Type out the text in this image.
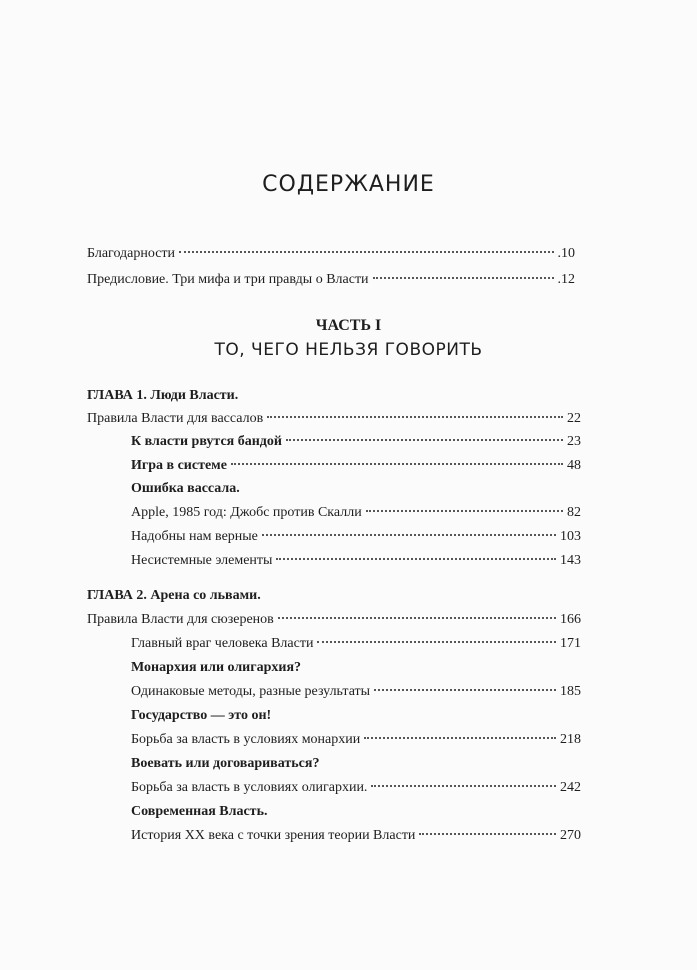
СОДЕРЖАНИЕ
Благодарности	.10
Предисловие. Три мифа и три правды о Власти	.12
ЧАСТЬ I
ТО, ЧЕГО НЕЛЬЗЯ ГОВОРИТЬ
ГЛАВА 1. Люди Власти.
Правила Власти для вассалов	22
К власти рвутся бандой	23
Игра в системе	48
Ошибка вассала.
Apple, 1985 год: Джобс против Скалли	82
Надобны нам верные	103
Несистемные элементы	143
ГЛАВА 2. Арена со львами.
Правила Власти для сюзеренов	166
Главный враг человека Власти	171
Монархия или олигархия?
Одинаковые методы, разные результаты	185
Государство — это он!
Борьба за власть в условиях монархии	218
Воевать или договариваться?
Борьба за власть в условиях олигархии.	242
Современная Власть.
История XX века с точки зрения теории Власти	270
